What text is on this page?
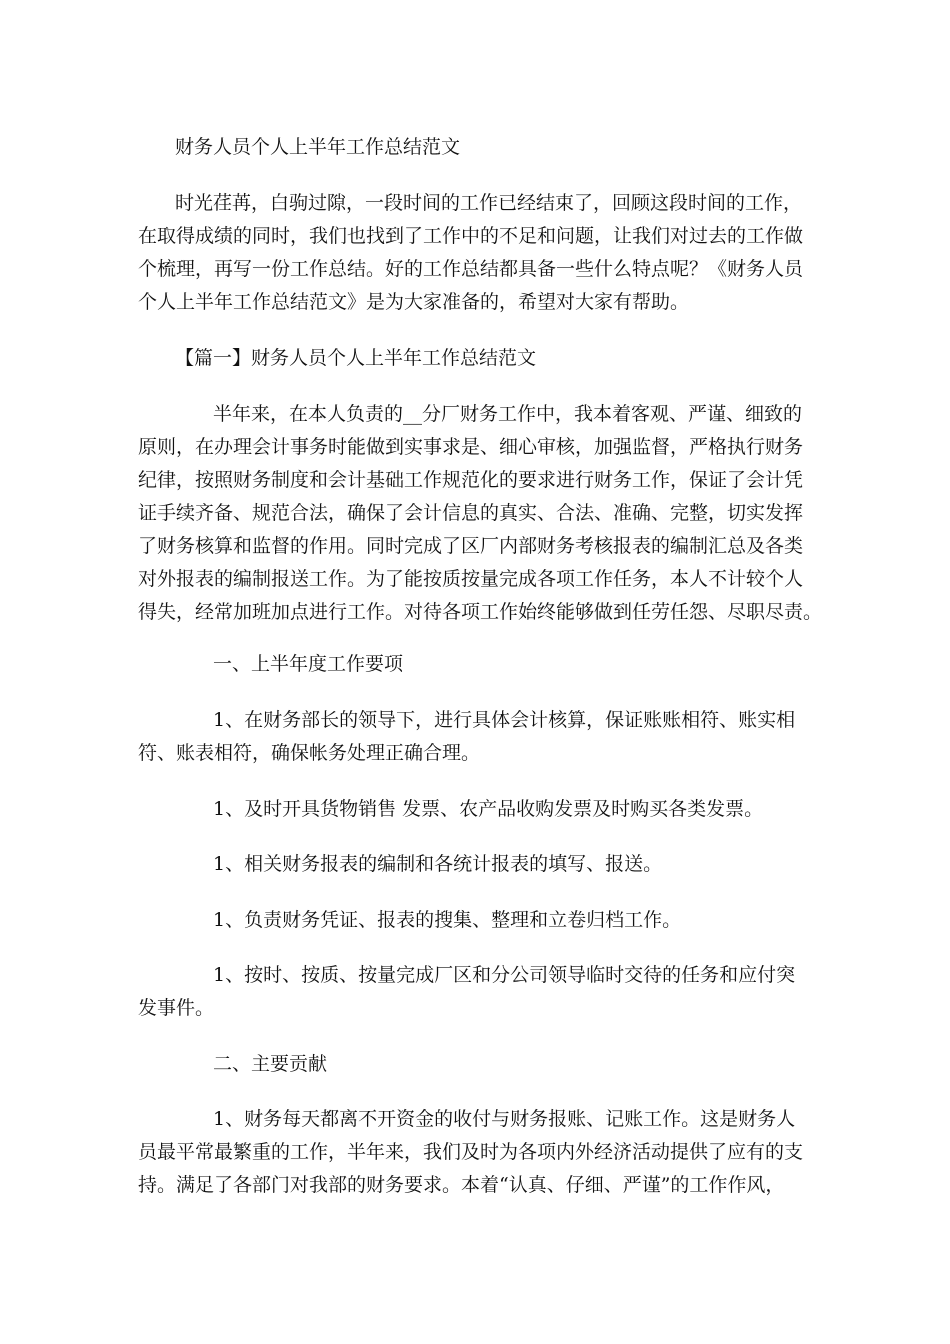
财务人员个人上半年工作总结范文

时光荏苒，白驹过隙，一段时间的工作已经结束了，回顾这段时间的工作，
在取得成绩的同时，我们也找到了工作中的不足和问题，让我们对过去的工作做
个梳理，再写一份工作总结。好的工作总结都具备一些什么特点呢？《财务人员
个人上半年工作总结范文》是为大家准备的，希望对大家有帮助。

【篇一】财务人员个人上半年工作总结范文

半年来，在本人负责的__分厂财务工作中，我本着客观、严谨、细致的
原则，在办理会计事务时能做到实事求是、细心审核，加强监督，严格执行财务
纪律，按照财务制度和会计基础工作规范化的要求进行财务工作，保证了会计凭
证手续齐备、规范合法，确保了会计信息的真实、合法、准确、完整，切实发挥
了财务核算和监督的作用。同时完成了区厂内部财务考核报表的编制汇总及各类
对外报表的编制报送工作。为了能按质按量完成各项工作任务，本人不计较个人
得失，经常加班加点进行工作。对待各项工作始终能够做到任劳任怨、尽职尽责。

一、上半年度工作要项

1、在财务部长的领导下，进行具体会计核算，保证账账相符、账实相
符、账表相符，确保帐务处理正确合理。

1、及时开具货物销售 发票、农产品收购发票及时购买各类发票。

1、相关财务报表的编制和各统计报表的填写、报送。

1、负责财务凭证、报表的搜集、整理和立卷归档工作。

1、按时、按质、按量完成厂区和分公司领导临时交待的任务和应付突
发事件。

二、主要贡献

1、财务每天都离不开资金的收付与财务报账、记账工作。这是财务人
员最平常最繁重的工作，半年来，我们及时为各项内外经济活动提供了应有的支
持。满足了各部门对我部的财务要求。本着“认真、仔细、严谨”的工作作风，
